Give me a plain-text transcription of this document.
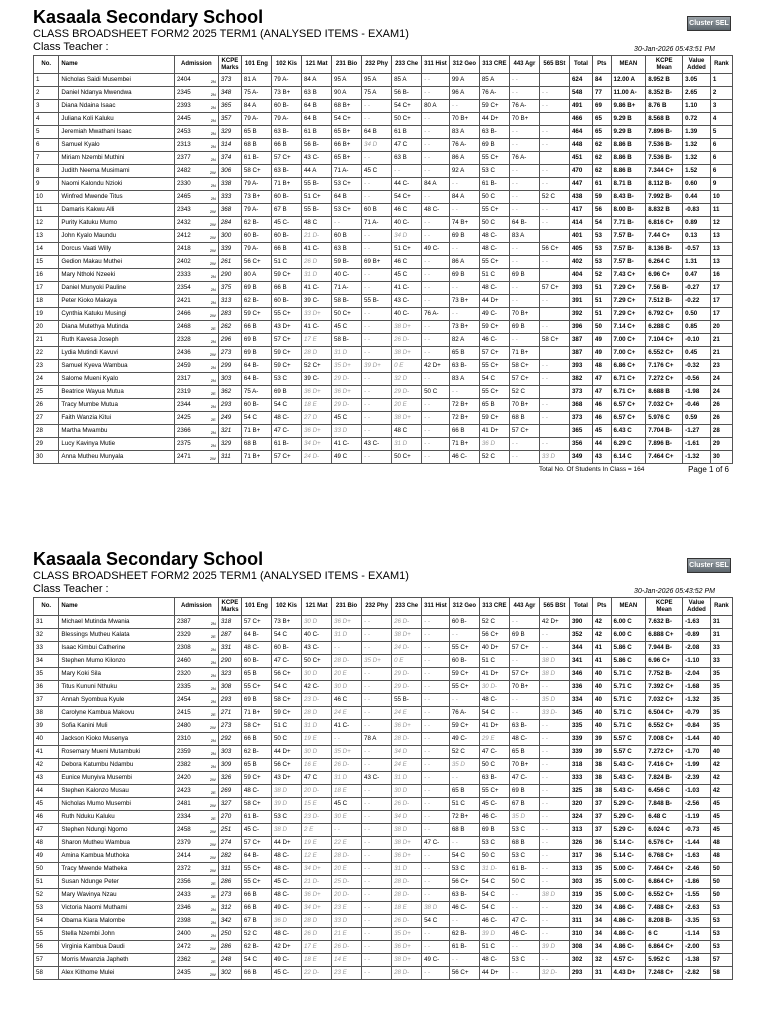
Kasaala Secondary School
CLASS BROADSHEET FORM2 2025 TERM1 (ANALYSED ITEMS - EXAM1)
Cluster SEL
Class Teacher :	30-Jan-2026 05:43:51 PM
No.	Name	Admission	KCPE Marks	101 Eng	102 Kis	121 Mat	231 Bio	232 Phy	233 Che	311 Hist	312 Geo	313 CRE	443 Agr	565 BSt	Total	Pts	MEAN	KCPE Mean	Value Added	Rank
1	Nicholas Saidi Musembei	2404 2N	373	81 A	79 A-	84 A	95 A	95 A	85 A	- -	99 A	85 A	- -		624	84	12.00 A	8.952 B	3.05	1
2	Daniel Ndanya Mwendwa	2345 2N	348	75 A-	73 B+	63 B	90 A	75 A	56 B-	- -	96 A	76 A-	- -	- -	548	77	11.00 A-	8.352 B-	2.65	2
3	Diana Ndaina Isaac	2393 2N	365	84 A	60 B-	64 B	68 B+	- -	54 C+	80 A	- -	59 C+	76 A-	- -	491	69	9.86 B+	8.76 B	1.10	3
4	Juliana Koli Kaluku	2445 2N	357	79 A-	79 A-	64 B	54 C+	- -	50 C+	- -	70 B+	44 D+	70 B+		466	65	9.29 B	8.568 B	0.72	4
5	Jeremiah Mwathani Isaac	2453 2N	329	65 B	63 B-	61 B	65 B+	64 B	61 B	- -	83 A	63 B-	- -	- -	464	65	9.29 B	7.896 B-	1.39	5
6	Samuel Kyalo	2313 2N	314	68 B	66 B	56 B-	66 B+	34 D	47 C	- -	76 A-	69 B	- -	- -	448	62	8.86 B	7.536 B-	1.32	6
7	Miriam Nzembi Muthini	2377 2N	374	61 B-	57 C+	43 C-	65 B+	- -	63 B	- -	86 A	55 C+	76 A-		451	62	8.86 B	7.536 B-	1.32	6
8	Judith Neema Musimami	2482 2W	306	58 C+	63 B-	44 A	71 A-	45 C	- -	- -	92 A	53 C	- -	- -	470	62	8.86 B	7.344 C+	1.52	6
9	Naomi Kalondu Nzioki	2330 2N	338	79 A-	71 B+	55 B-	53 C+	- -	44 C-	84 A	- -	61 B-	- -	- -	447	61	8.71 B	8.112 B-	0.60	9
10	Winfred Mwende Titus	2465 2N	333	73 B+	60 B-	51 C+	64 B	- -	54 C+	- -	84 A	50 C	- -	52 C	438	59	8.43 B-	7.992 B-	0.44	10
11	Damaris Kakwu Alli	2343 2W	368	79 A-	67 B	55 B-	53 C+	60 B	46 C	48 C-	- -	55 C+	- -	- -	417	56	8.00 B-	8.832 B	-0.83	11
12	Purity Katuku Mumo	2432 2W	284	62 B-	45 C-	48 C	- -	71 A-	40 C-	- -	74 B+	50 C	64 B-	- -	414	54	7.71 B-	6.816 C+	0.89	12
13	John Kyalo Maundu	2412 2W	300	60 B-	60 B-	21 D-	60 B	- -	34 D	- -	69 B	48 C-	83 A		401	53	7.57 B-	7.44 C+	0.13	13
14	Dorcus Vaati Willy	2418 2W	339	79 A-	66 B	41 C-	63 B	- -	51 C+	49 C-	- -	48 C-	- -	56 C+	405	53	7.57 B-	8.136 B-	-0.57	13
15	Gedion Makau Muthei	2402 2W	261	56 C+	51 C	26 D	59 B-	69 B+	46 C	- -	86 A	55 C+	- -	- -	402	53	7.57 B-	6.264 C	1.31	13
16	Mary Nthoki Nzeeki	2333 2N	290	80 A	59 C+	31 D	40 C-	- -	45 C	- -	69 B	51 C	69 B		404	52	7.43 C+	6.96 C+	0.47	16
17	Daniel Munyoki Pauline	2354 2N	375	69 B	66 B	41 C-	71 A-	- -	41 C-	- -	- -	48 C-	- -	57 C+	393	51	7.29 C+	7.56 B-	-0.27	17
18	Peter Kioko Makaya	2421 2N	313	62 B-	60 B-	39 C-	58 B-	55 B-	43 C-	- -	73 B+	44 D+	- -	- -	391	51	7.29 C+	7.512 B-	-0.22	17
19	Cynthia Katuku Musingi	2466 2W	283	59 C+	55 C+	33 D+	50 C+	- -	40 C-	76 A-	- -	49 C-	70 B+		392	51	7.29 C+	6.792 C+	0.50	17
20	Diana Mutethya Mutinda	2468 2E	262	66 B	43 D+	41 C-	45 C	- -	38 D+	- -	73 B+	59 C+	69 B	- -	396	50	7.14 C+	6.288 C	0.85	20
21	Ruth Kavesa Joseph	2328 2N	296	69 B	57 C+	17 E	58 B-	- -	26 D-	- -	82 A	46 C-	- -	58 C+	387	49	7.00 C+	7.104 C+	-0.10	21
22	Lydia Mutindi Kavuvi	2436 2W	273	69 B	59 C+	28 D	31 D	- -	38 D+	- -	65 B	57 C+	71 B+		387	49	7.00 C+	6.552 C+	0.45	21
23	Samuel Kyeva Wambua	2459 2N	299	64 B-	59 C+	52 C+	35 D+	39 D+	0 E	42 D+	63 B-	55 C+	58 C+	- -	393	48	6.86 C+	7.176 C+	-0.32	23
24	Salome Mueni Kyalo	2317 2N	303	64 B-	53 C	39 C-	29 D-	- -	32 D	- -	83 A	54 C	57 C+	- -	382	47	6.71 C+	7.272 C+	-0.56	24
25	Beatrice Wayua Mutua	2319 2E	362	75 A-	69 B	36 D+	36 D+	- -	29 D-	50 C	- -	55 C+	52 C		373	47	6.71 C+	8.688 B	-1.98	24
26	Tracy Mumbe Mutua	2344 2N	293	60 B-	54 C	18 E	29 D-	- -	20 E	- -	72 B+	65 B	70 B+	- -	368	46	6.57 C+	7.032 C+	-0.46	26
27	Faith Wanzia Kitui	2425 2E	249	54 C	48 C-	27 D	45 C	- -	38 D+	- -	72 B+	59 C+	68 B	- -	373	46	6.57 C+	5.976 C	0.59	26
28	Martha Mwambu	2366 2N	321	71 B+	47 C-	36 D+	33 D	- -	48 C	- -	66 B	41 D+	57 C+		365	45	6.43 C	7.704 B-	-1.27	28
29	Lucy Kavinya Mutie	2375 2N	329	68 B	61 B-	34 D+	41 C-	43 C-	31 D	- -	71 B+	36 D	- -	- -	356	44	6.29 C	7.896 B-	-1.61	29
30	Anna Mutheu Munyala	2471 2W	311	71 B+	57 C+	24 D-	49 C	- -	50 C+	- -	46 C-	52 C	- -	33 D	349	43	6.14 C	7.464 C+	-1.32	30
Total No. Of Students In Class = 164	Page 1 of 6
Kasaala Secondary School
CLASS BROADSHEET FORM2 2025 TERM1 (ANALYSED ITEMS - EXAM1)
Cluster SEL
Class Teacher :	30-Jan-2026 05:43:52 PM
No.	Name	Admission	KCPE Marks	101 Eng	102 Kis	121 Mat	231 Bio	232 Phy	233 Che	311 Hist	312 Geo	313 CRE	443 Agr	565 BSt	Total	Pts	MEAN	KCPE Mean	Value Added	Rank
31	Michael Mutinda Mwania	2387 2N	318	57 C+	73 B+	30 D	36 D+	- -	26 D-	- -	60 B-	52 C	- -	42 D+	390	42	6.00 C	7.632 B-	-1.63	31
32	Blessings Mutheu Kalata	2329 2E	287	64 B-	54 C	40 C-	31 D	- -	38 D+	- -	- -	56 C+	69 B	- -	352	42	6.00 C	6.888 C+	-0.89	31
33	Isaac Kimbui Catherine	2308 2N	331	48 C-	60 B-	43 C-	- -	- -	24 D-	- -	55 C+	40 D+	57 C+	- -	344	41	5.86 C	7.944 B-	-2.08	33
34	Stephen Mumo Kilonzo	2460 2N	290	60 B-	47 C-	50 C+	28 D-	35 D+	0 E	- -	60 B-	51 C	- -	38 D	341	41	5.86 C	6.96 C+	-1.10	33
35	Mary Koki Sila	2320 2N	323	65 B	56 C+	30 D	20 E	- -	29 D-	- -	59 C+	41 D+	57 C+	38 D	346	40	5.71 C	7.752 B-	-2.04	35
36	Titus Kununi Nthuku	2335 2N	308	55 C+	54 C	42 C-	30 D	- -	29 D-	- -	55 C+	30 D-	70 B+	- -	336	40	5.71 C	7.392 C+	-1.68	35
37	Annah Syombua Kyule	2454 2N	293	69 B	58 C+	23 D-	46 C	- -	55 B-	- -	- -	48 C-	- -	35 D	334	40	5.71 C	7.032 C+	-1.32	35
38	Carolyne Kambua Makovu	2415 2E	271	71 B+	59 C+	28 D	24 E	- -	24 E	- -	76 A-	54 C	- -	33 D-	345	40	5.71 C	6.504 C+	-0.79	35
39	Sofia Kanini Muli	2480 2W	273	58 C+	51 C	31 D	41 C-	- -	36 D+	- -	59 C+	41 D+	63 B-	- -	335	40	5.71 C	6.552 C+	-0.84	35
40	Jackson Kioko Musenya	2310 2N	292	66 B	50 C	19 E	- -	78 A	28 D-	- -	49 C-	29 E	48 C-	- -	339	39	5.57 C	7.008 C+	-1.44	40
41	Rosemary Mueni Mutambuki	2359 2N	303	62 B-	44 D+	30 D	35 D+	- -	34 D	- -	52 C	47 C-	65 B	- -	339	39	5.57 C	7.272 C+	-1.70	40
42	Debora Katumbu Ndambu	2382 2N	309	65 B	56 C+	16 E	26 D-	- -	24 E	- -	35 D	50 C	70 B+	- -	318	38	5.43 C-	7.416 C+	-1.99	42
43	Eunice Munyiva Musembi	2420 2W	326	59 C+	43 D+	47 C	31 D	43 C-	31 D	- -	- -	63 B-	47 C-	- -	333	38	5.43 C-	7.824 B-	-2.39	42
44	Stephen Kalonzo Musau	2423 2E	269	48 C-	38 D	20 D-	18 E	- -	30 D	- -	65 B	55 C+	69 B	- -	325	38	5.43 C-	6.456 C	-1.03	42
45	Nicholas Mumo Musembi	2481 2W	327	58 C+	39 D	15 E	45 C	- -	26 D-	- -	51 C	45 C-	67 B	- -	320	37	5.29 C-	7.848 B-	-2.56	45
46	Ruth Nduku Kaluku	2334 2E	270	61 B-	53 C	23 D-	30 E	- -	34 D	- -	72 B+	46 C-	35 D	- -	324	37	5.29 C-	6.48 C	-1.19	45
47	Stephen Ndungi Ngomo	2458 2W	251	45 C-	38 D	2 E	- -	- -	38 D	- -	68 B	69 B	53 C	- -	313	37	5.29 C-	6.024 C	-0.73	45
48	Sharon Mutheu Wambua	2379 2W	274	57 C+	44 D+	19 E	22 E	- -	38 D+	47 C-	- -	53 C	68 B	- -	326	36	5.14 C-	6.576 C+	-1.44	48
49	Amina Kambua Muthoka	2414 2W	282	64 B-	48 C-	12 E	28 D-	- -	36 D+	- -	54 C	50 C	53 C	- -	317	36	5.14 C-	6.768 C+	-1.63	48
50	Tracy Mwende Matheka	2372 2W	311	55 C+	48 C-	34 D+	20 E	- -	31 D	- -	53 C	31 D-	61 B-	- -	313	35	5.00 C-	7.464 C+	-2.46	50
51	Susan Ndunge Peter	2356 2E	286	55 C+	45 C-	21 D-	25 D-	- -	28 D-	- -	56 C+	54 C	50 C	- -	303	35	5.00 C-	6.864 C+	-1.86	50
52	Mary Wavinya Nzau	2433 2E	273	66 B	48 C-	36 D+	20 D-	- -	28 D-	- -	63 B-	54 C	- -	38 D	319	35	5.00 C-	6.552 C+	-1.55	50
53	Victoria Naomi Muthami	2346 2N	312	66 B	49 C-	34 D+	23 E	- -	18 E	38 D	46 C-	54 C	- -	- -	320	34	4.86 C-	7.488 C+	-2.63	53
54	Obama Kiara Malombe	2398 2N	342	67 B	36 D	28 D	33 D	- -	26 D-	54 C	- -	46 C-	47 C-	- -	311	34	4.86 C-	8.208 B-	-3.35	53
55	Stella Nzembi John	2400 2N	250	52 C	48 C-	26 D	21 E	- -	35 D+	- -	62 B-	39 D	46 C-	- -	310	34	4.86 C-	6 C	-1.14	53
56	Virginia Kambua Daudi	2472 2W	286	62 B-	42 D+	17 E	26 D-	- -	36 D+	- -	61 B-	51 C	- -	39 D	308	34	4.86 C-	6.864 C+	-2.00	53
57	Morris Mwanzia Japheth	2362 2E	248	54 C	49 C-	18 E	14 E	- -	38 D+	49 C-	- -	48 C-	53 C	- -	302	32	4.57 C-	5.952 C	-1.38	57
58	Alex Kithome Mulei	2435 2W	302	66 B	45 C-	22 D-	23 E	- -	28 D-	- -	56 C+	44 D+	- -	32 D-	293	31	4.43 D+	7.248 C+	-2.82	58
